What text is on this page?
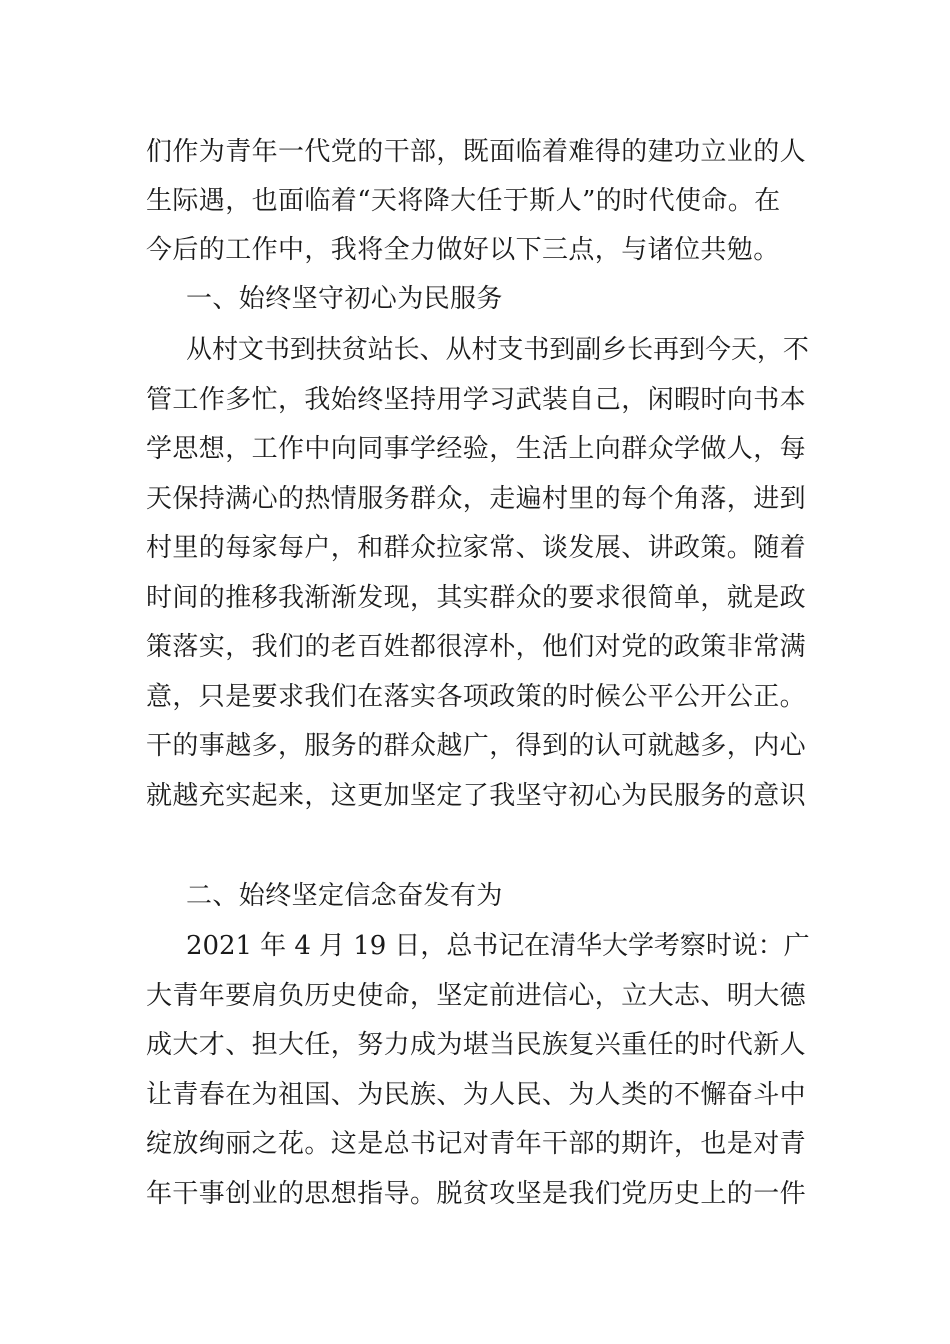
们作为青年一代党的干部，既面临着难得的建功立业的人
生际遇，也面临着“天将降大任于斯人”的时代使命。在
今后的工作中，我将全力做好以下三点，与诸位共勉。
一、始终坚守初心为民服务
从村文书到扶贫站长、从村支书到副乡长再到今天，不
管工作多忙，我始终坚持用学习武装自己，闲暇时向书本
学思想，工作中向同事学经验，生活上向群众学做人，每
天保持满心的热情服务群众，走遍村里的每个角落，进到
村里的每家每户，和群众拉家常、谈发展、讲政策。随着
时间的推移我渐渐发现，其实群众的要求很简单，就是政
策落实，我们的老百姓都很淳朴，他们对党的政策非常满
意，只是要求我们在落实各项政策的时候公平公开公正。
干的事越多，服务的群众越广，得到的认可就越多，内心
就越充实起来，这更加坚定了我坚守初心为民服务的意识
二、始终坚定信念奋发有为
2021 年 4 月 19 日，总书记在清华大学考察时说：广
大青年要肩负历史使命，坚定前进信心，立大志、明大德
成大才、担大任，努力成为堪当民族复兴重任的时代新人
让青春在为祖国、为民族、为人民、为人类的不懈奋斗中
绽放绚丽之花。这是总书记对青年干部的期许，也是对青
年干事创业的思想指导。脱贫攻坚是我们党历史上的一件
